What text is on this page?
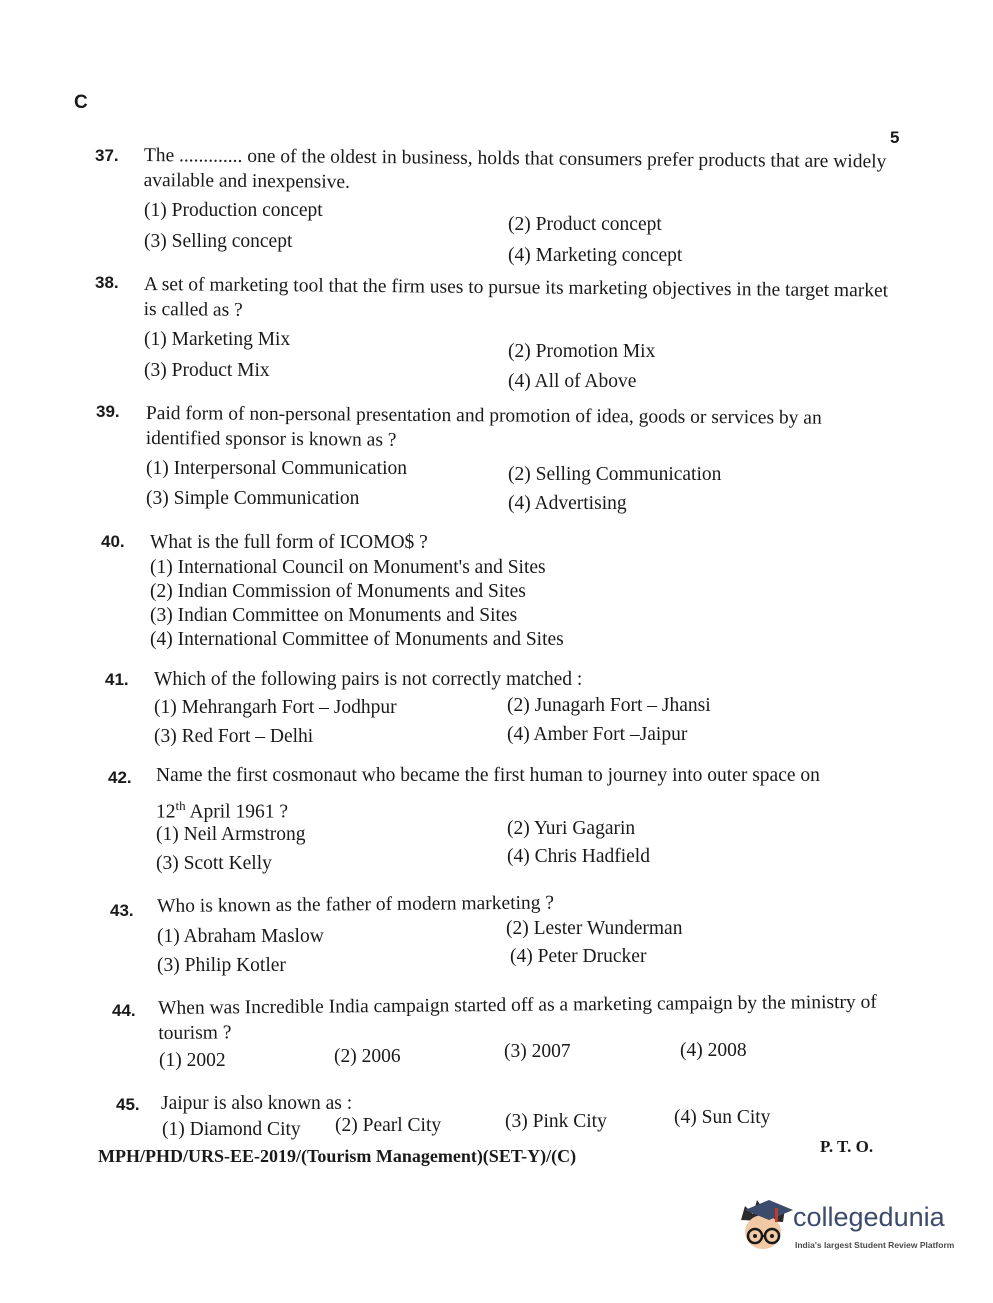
C
5
37. The ............. one of the oldest in business, holds that consumers prefer products that are widely available and inexpensive.
(1) Production concept
(2) Product concept
(3) Selling concept
(4) Marketing concept
38. A set of marketing tool that the firm uses to pursue its marketing objectives in the target market is called as ?
(1) Marketing Mix
(2) Promotion Mix
(3) Product Mix
(4) All of Above
39. Paid form of non-personal presentation and promotion of idea, goods or services by an identified sponsor is known as ?
(1) Interpersonal Communication	(2) Selling Communication
(3) Simple Communication	(4) Advertising
40. What is the full form of ICOMO$ ?
(1) International Council on Monument's and Sites
(2) Indian Commission of Monuments and Sites
(3) Indian Committee on Monuments and Sites
(4) International Committee of Monuments and Sites
41. Which of the following pairs is not correctly matched :
(1) Mehrangarh Fort – Jodhpur	(2) Junagarh Fort – Jhansi
(3) Red Fort – Delhi	(4) Amber Fort –Jaipur
42. Name the first cosmonaut who became the first human to journey into outer space on
12th April 1961 ?
(1) Neil Armstrong	(2) Yuri Gagarin
(3) Scott Kelly	(4) Chris Hadfield
43. Who is known as the father of modern marketing ?
(1) Abraham Maslow	(2) Lester Wunderman
(3) Philip Kotler	(4) Peter Drucker
44. When was Incredible India campaign started off as a marketing campaign by the ministry of tourism ?
(1) 2002	(2) 2006	(3) 2007	(4) 2008
45. Jaipur is also known as :
(1) Diamond City (2) Pearl City	(3) Pink City	(4) Sun City
P. T. O.
MPH/PHD/URS-EE-2019/(Tourism Management)(SET-Y)/(C)
collegedunia
India's largest Student Review Platform
